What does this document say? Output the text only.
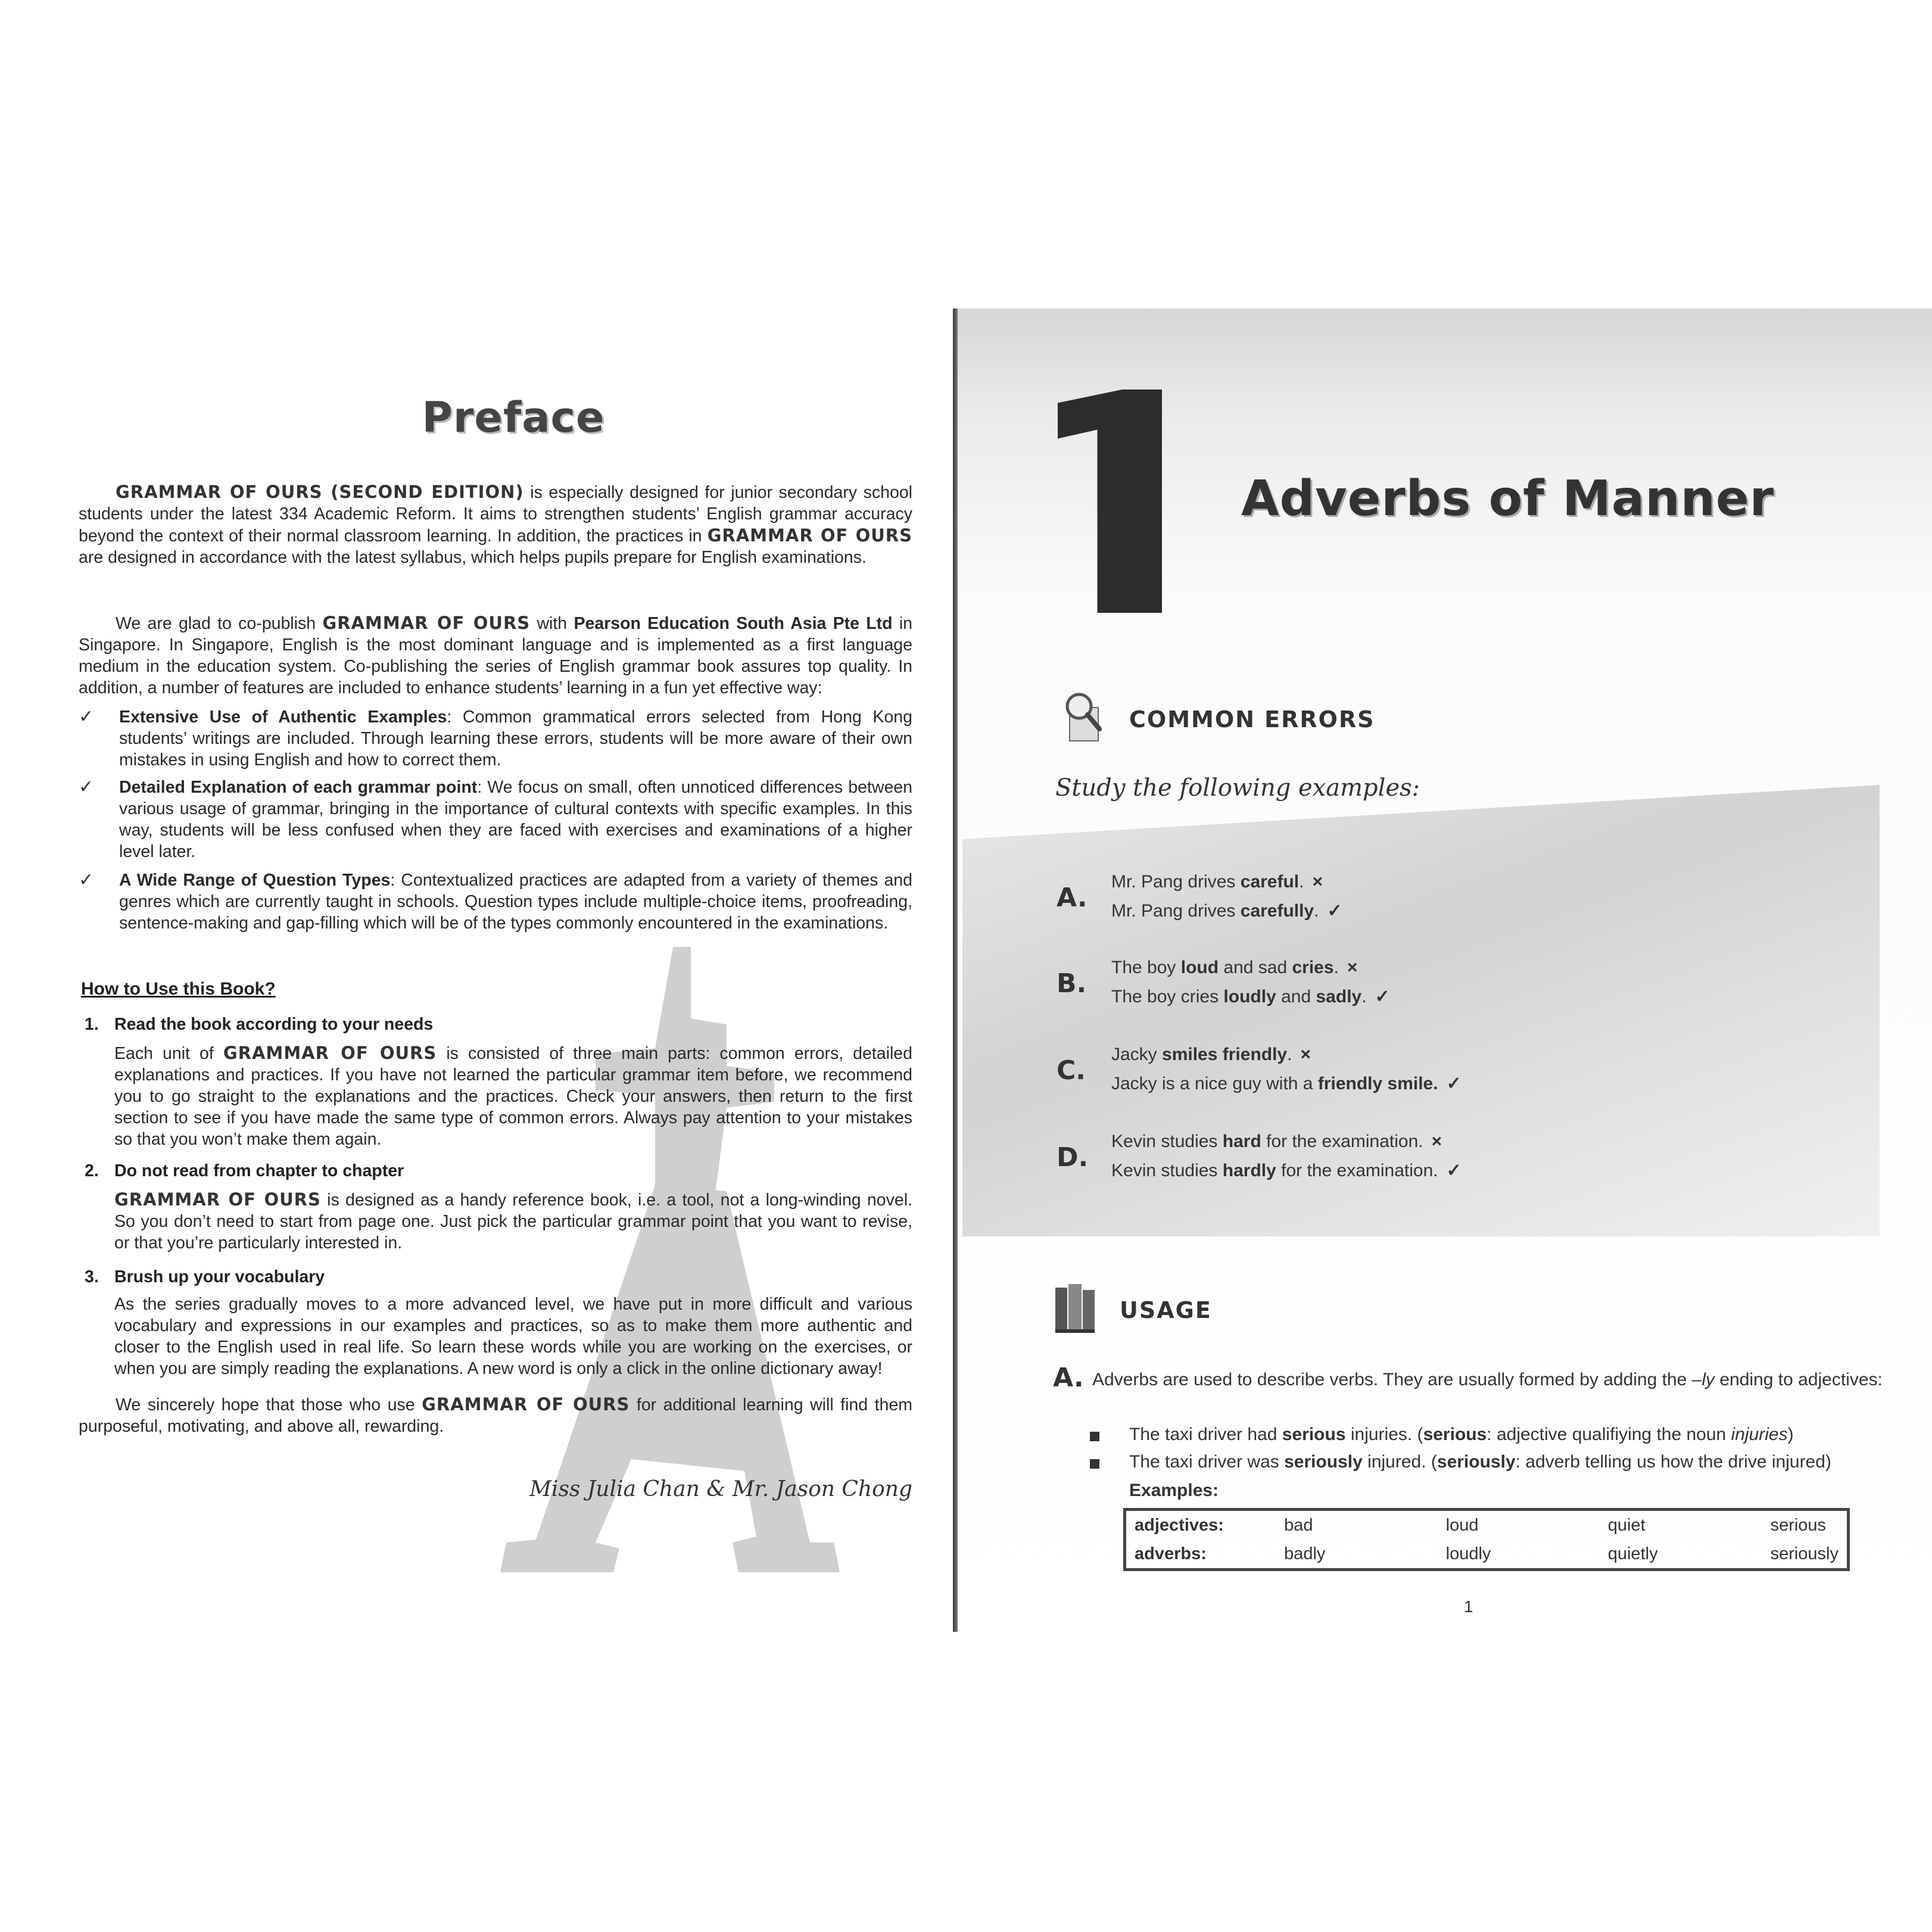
Preface
GRAMMAR OF OURS (SECOND EDITION) is especially designed for junior secondary school students under the latest 334 Academic Reform. It aims to strengthen students’ English grammar accuracy beyond the context of their normal classroom learning. In addition, the practices in GRAMMAR OF OURS are designed in accordance with the latest syllabus, which helps pupils prepare for English examinations.
We are glad to co-publish GRAMMAR OF OURS with Pearson Education South Asia Pte Ltd in Singapore. In Singapore, English is the most dominant language and is implemented as a first language medium in the education system. Co-publishing the series of English grammar book assures top quality. In addition, a number of features are included to enhance students’ learning in a fun yet effective way:
✓ Extensive Use of Authentic Examples: Common grammatical errors selected from Hong Kong students’ writings are included. Through learning these errors, students will be more aware of their own mistakes in using English and how to correct them.
✓ Detailed Explanation of each grammar point: We focus on small, often unnoticed differences between various usage of grammar, bringing in the importance of cultural contexts with specific examples. In this way, students will be less confused when they are faced with exercises and examinations of a higher level later.
✓ A Wide Range of Question Types: Contextualized practices are adapted from a variety of themes and genres which are currently taught in schools. Question types include multiple-choice items, proofreading, sentence-making and gap-filling which will be of the types commonly encountered in the examinations.
How to Use this Book?
1. Read the book according to your needs
Each unit of GRAMMAR OF OURS is consisted of three main parts: common errors, detailed explanations and practices. If you have not learned the particular grammar item before, we recommend you to go straight to the explanations and the practices. Check your answers, then return to the first section to see if you have made the same type of common errors. Always pay attention to your mistakes so that you won’t make them again.
2. Do not read from chapter to chapter
GRAMMAR OF OURS is designed as a handy reference book, i.e. a tool, not a long-winding novel. So you don’t need to start from page one. Just pick the particular grammar point that you want to revise, or that you’re particularly interested in.
3. Brush up your vocabulary
As the series gradually moves to a more advanced level, we have put in more difficult and various vocabulary and expressions in our examples and practices, so as to make them more authentic and closer to the English used in real life. So learn these words while you are working on the exercises, or when you are simply reading the explanations. A new word is only a click in the online dictionary away!
We sincerely hope that those who use GRAMMAR OF OURS for additional learning will find them purposeful, motivating, and above all, rewarding.
Miss Julia Chan & Mr. Jason Chong
Adverbs of Manner
COMMON ERRORS
Study the following examples:
A.
Mr. Pang drives careful. ×
Mr. Pang drives carefully. ✓
B.
The boy loud and sad cries. ×
The boy cries loudly and sadly. ✓
C.
Jacky smiles friendly. ×
Jacky is a nice guy with a friendly smile. ✓
D.
Kevin studies hard for the examination. ×
Kevin studies hardly for the examination. ✓
USAGE
A. Adverbs are used to describe verbs. They are usually formed by adding the –ly ending to adjectives:
The taxi driver had serious injuries. (serious: adjective qualifiying the noun injuries)
The taxi driver was seriously injured. (seriously: adverb telling us how the drive injured)
Examples:
adjectives:	bad	loud	quiet	serious
adverbs:	badly	loudly	quietly	seriously
1
